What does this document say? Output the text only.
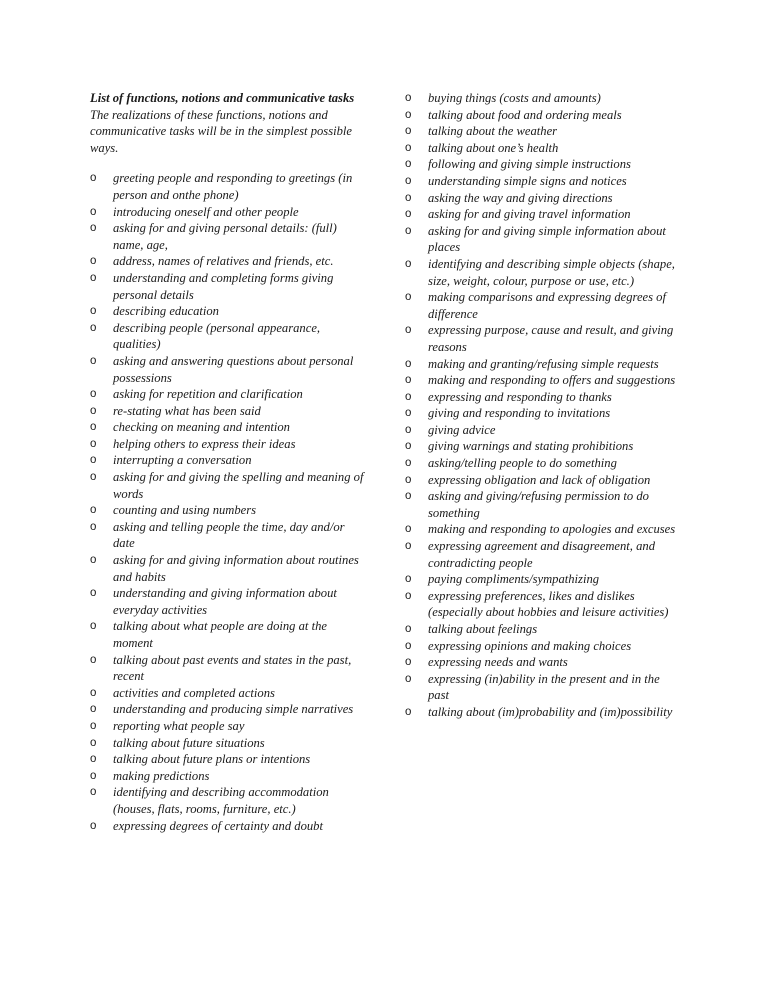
List of functions, notions and communicative tasks

The realizations of these functions, notions and communicative tasks will be in the simplest possible ways.

o greeting people and responding to greetings (in person and onthe phone)
o introducing oneself and other people
o asking for and giving personal details: (full) name, age,
o address, names of relatives and friends, etc.
o understanding and completing forms giving personal details
o describing education
o describing people (personal appearance, qualities)
o asking and answering questions about personal possessions
o asking for repetition and clarification
o re-stating what has been said
o checking on meaning and intention
o helping others to express their ideas
o interrupting a conversation
o asking for and giving the spelling and meaning of words
o counting and using numbers
o asking and telling people the time, day and/or date
o asking for and giving information about routines and habits
o understanding and giving information about everyday activities
o talking about what people are doing at the moment
o talking about past events and states in the past, recent
o activities and completed actions
o understanding and producing simple narratives
o reporting what people say
o talking about future situations
o talking about future plans or intentions
o making predictions
o identifying and describing accommodation (houses, flats, rooms, furniture, etc.)
o expressing degrees of certainty and doubt
o buying things (costs and amounts)
o talking about food and ordering meals
o talking about the weather
o talking about one’s health
o following and giving simple instructions
o understanding simple signs and notices
o asking the way and giving directions
o asking for and giving travel information
o asking for and giving simple information about places
o identifying and describing simple objects (shape, size, weight, colour, purpose or use, etc.)
o making comparisons and expressing degrees of difference
o expressing purpose, cause and result, and giving reasons
o making and granting/refusing simple requests
o making and responding to offers and suggestions
o expressing and responding to thanks
o giving and responding to invitations
o giving advice
o giving warnings and stating prohibitions
o asking/telling people to do something
o expressing obligation and lack of obligation
o asking and giving/refusing permission to do something
o making and responding to apologies and excuses
o expressing agreement and disagreement, and contradicting people
o paying compliments/sympathizing
o expressing preferences, likes and dislikes (especially about hobbies and leisure activities)
o talking about feelings
o expressing opinions and making choices
o expressing needs and wants
o expressing (in)ability in the present and in the past
o talking about (im)probability and (im)possibility
